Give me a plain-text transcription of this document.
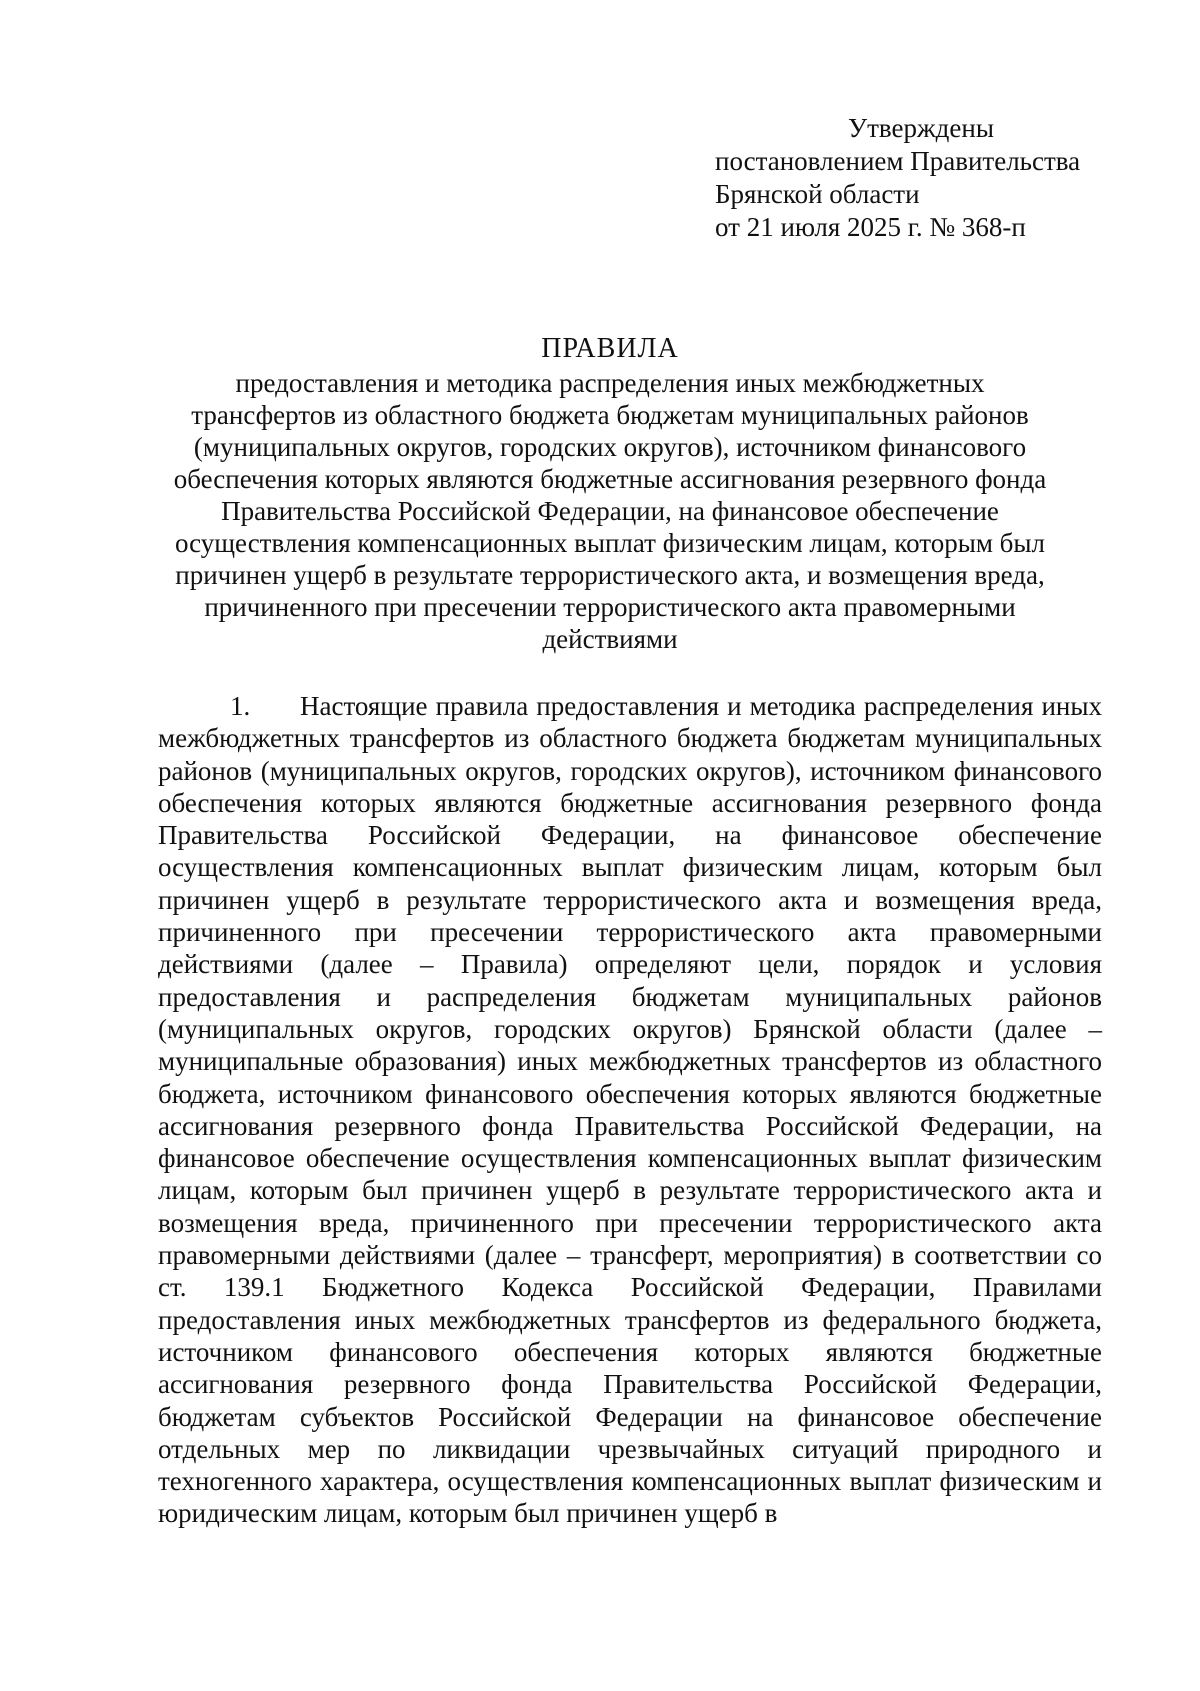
Утверждены
постановлением Правительства
Брянской области
от 21 июля 2025 г. № 368-п
ПРАВИЛА
предоставления и методика распределения иных межбюджетных
трансфертов из областного бюджета бюджетам муниципальных районов
(муниципальных округов, городских округов), источником финансового
обеспечения которых являются бюджетные ассигнования резервного фонда
Правительства Российской Федерации, на финансовое обеспечение
осуществления компенсационных выплат физическим лицам, которым был
причинен ущерб в результате террористического акта, и возмещения вреда,
причиненного при пресечении террористического акта правомерными
действиями
1. Настоящие правила предоставления и методика распределения иных межбюджетных трансфертов из областного бюджета бюджетам муниципальных районов (муниципальных округов, городских округов), источником финансового обеспечения которых являются бюджетные ассигнования резервного фонда Правительства Российской Федерации, на финансовое обеспечение осуществления компенсационных выплат физическим лицам, которым был причинен ущерб в результате террористического акта и возмещения вреда, причиненного при пресечении террористического акта правомерными действиями (далее – Правила) определяют цели, порядок и условия предоставления и распределения бюджетам муниципальных районов (муниципальных округов, городских округов) Брянской области (далее – муниципальные образования) иных межбюджетных трансфертов из областного бюджета, источником финансового обеспечения которых являются бюджетные ассигнования резервного фонда Правительства Российской Федерации, на финансовое обеспечение осуществления компенсационных выплат физическим лицам, которым был причинен ущерб в результате террористического акта и возмещения вреда, причиненного при пресечении террористического акта правомерными действиями (далее – трансферт, мероприятия) в соответствии со ст. 139.1 Бюджетного Кодекса Российской Федерации, Правилами предоставления иных межбюджетных трансфертов из федерального бюджета, источником финансового обеспечения которых являются бюджетные ассигнования резервного фонда Правительства Российской Федерации, бюджетам субъектов Российской Федерации на финансовое обеспечение отдельных мер по ликвидации чрезвычайных ситуаций природного и техногенного характера, осуществления компенсационных выплат физическим и юридическим лицам, которым был причинен ущерб в
